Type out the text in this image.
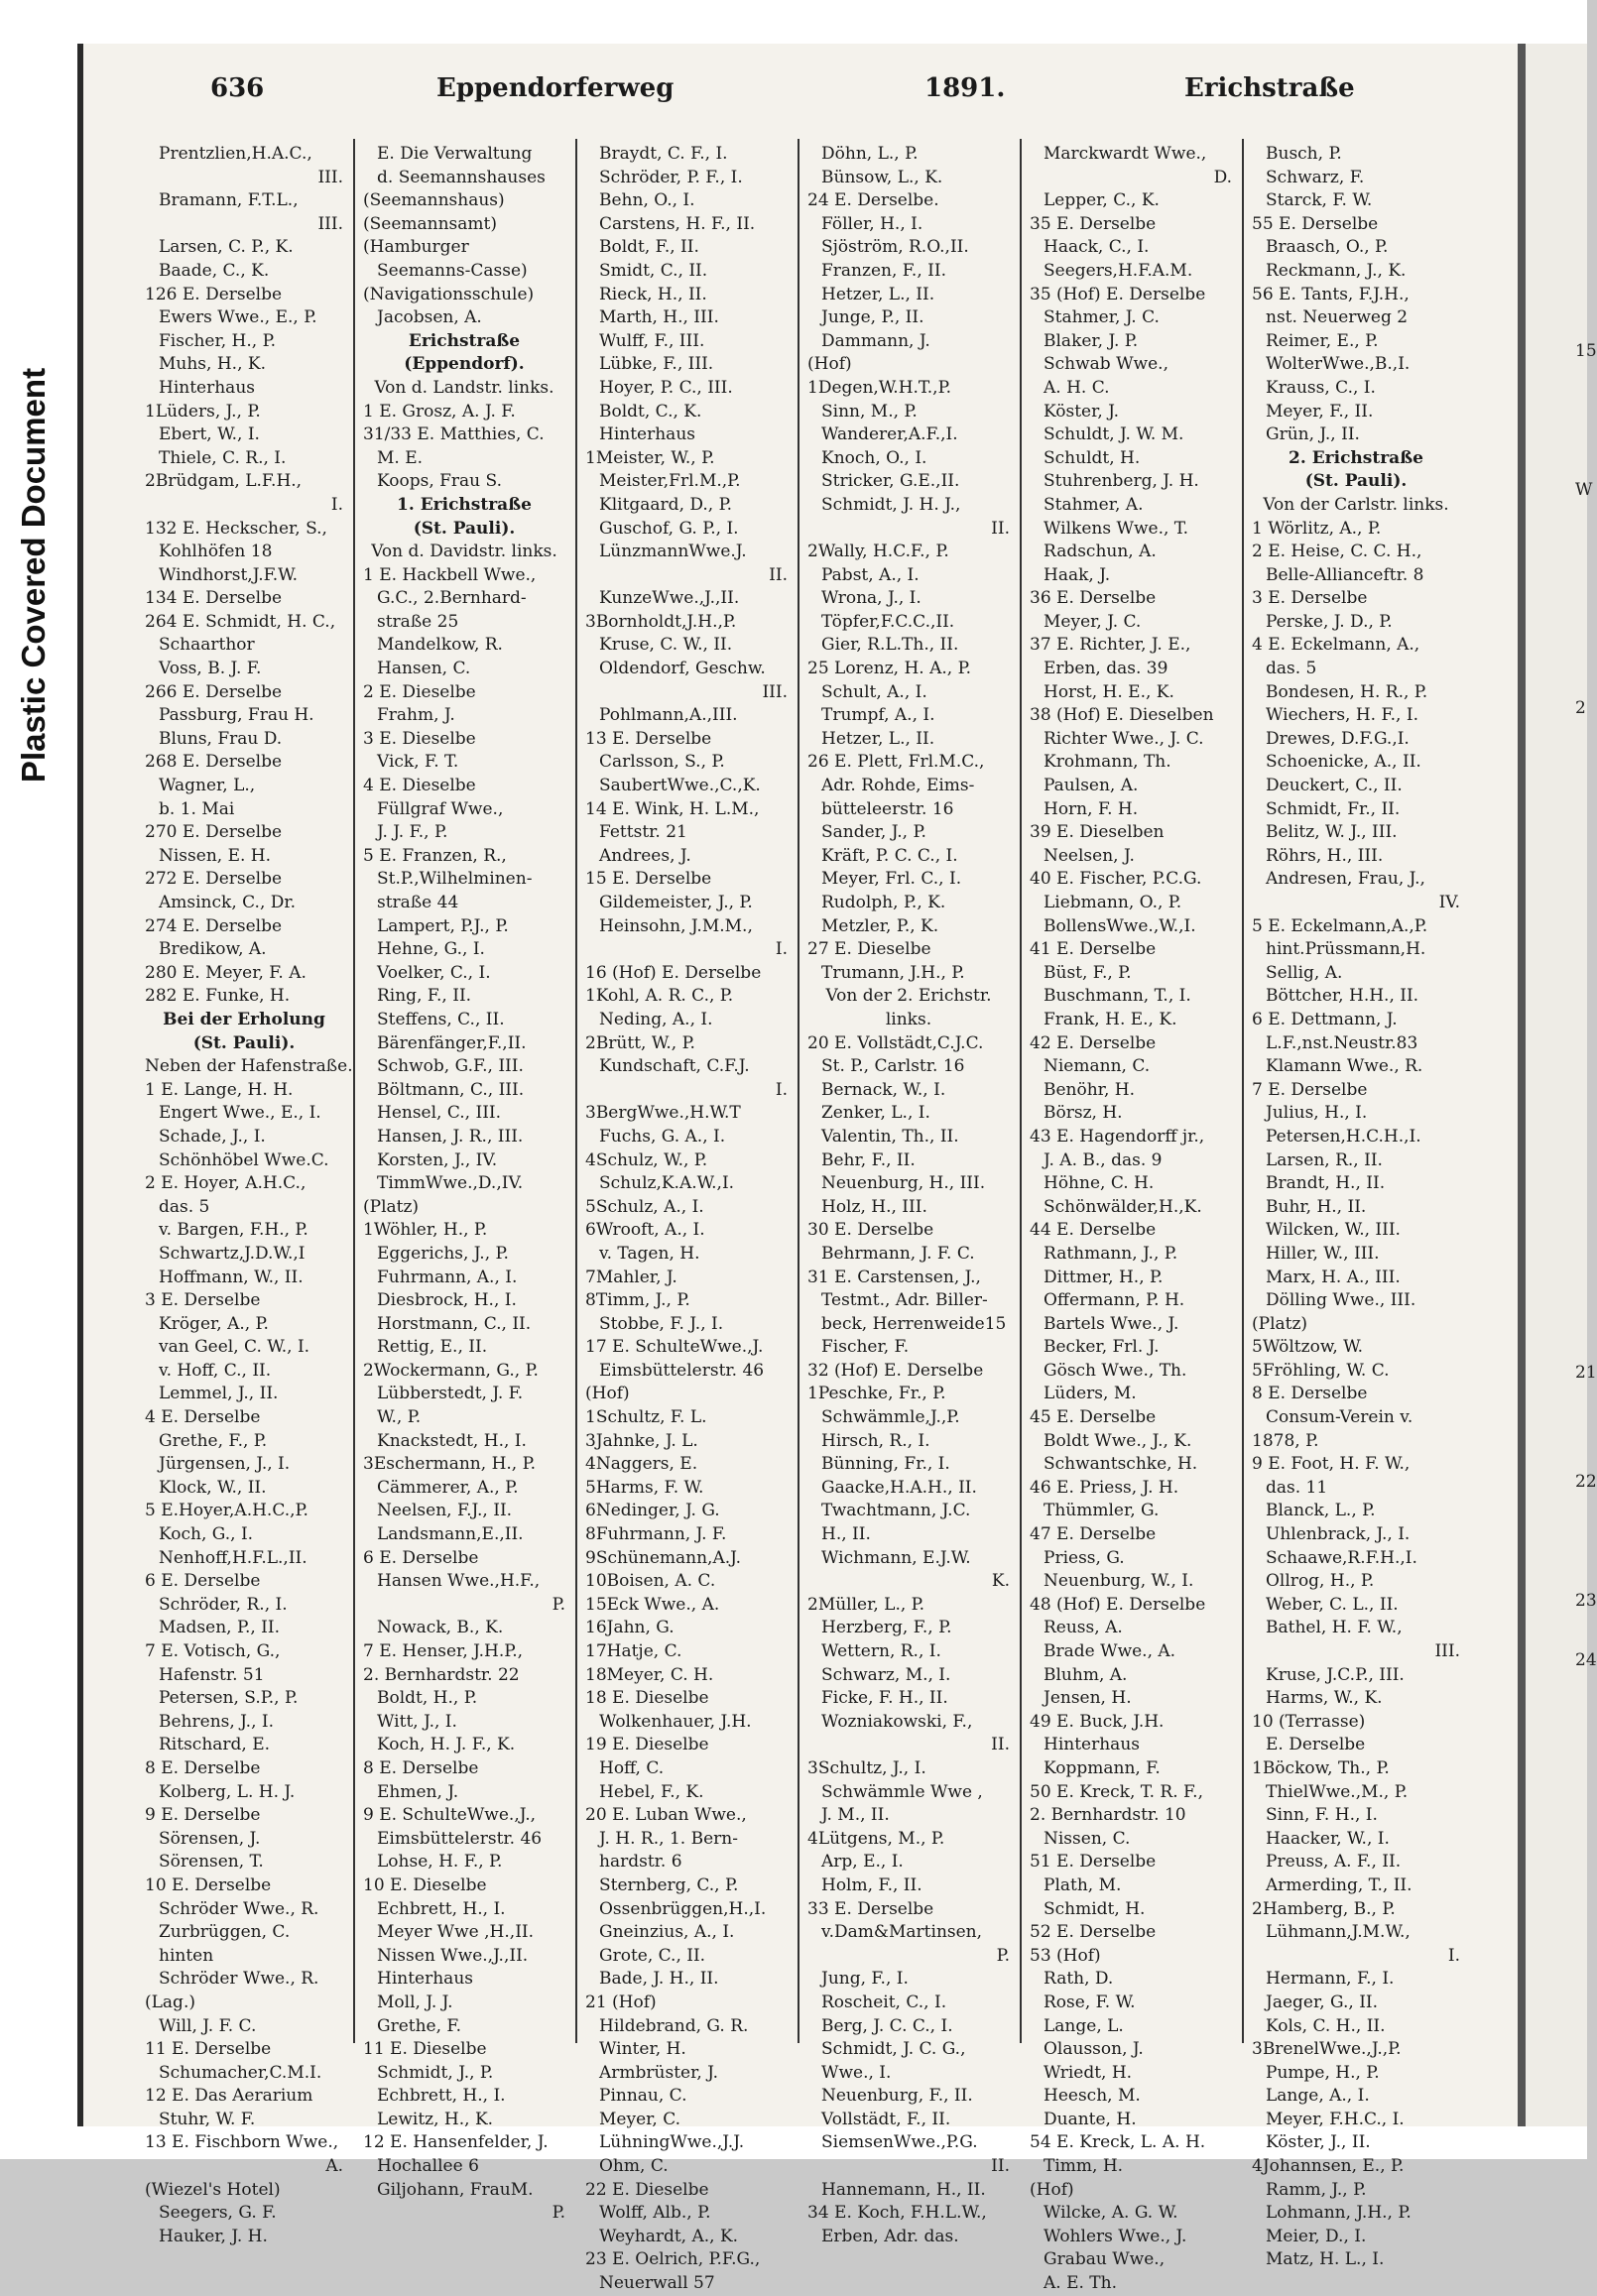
Plastic Covered Document
636	Eppendorferweg	1891.	Erichstraße
Prentzlien,H.A.C.,
III.
Bramann, F.T.L.,
III.
Larsen, C. P., K.
Baade, C., K.
126 E. Derselbe
Ewers Wwe., E., P.
Fischer, H., P.
Muhs, H., K.
Hinterhaus
1Lüders, J., P.
Ebert, W., I.
Thiele, C. R., I.
2Brüdgam, L.F.H.,
I.
132 E. Heckscher, S.,
Kohlhöfen 18
Windhorst,J.F.W.
134 E. Derselbe
264 E. Schmidt, H. C.,
Schaarthor
Voss, B. J. F.
266 E. Derselbe
Passburg, Frau H.
Bluns, Frau D.
268 E. Derselbe
Wagner, L.,
b. 1. Mai
270 E. Derselbe
Nissen, E. H.
272 E. Derselbe
Amsinck, C., Dr.
274 E. Derselbe
Bredikow, A.
280 E. Meyer, F. A.
282 E. Funke, H.
Bei der Erholung
(St. Pauli).
Neben der Hafenstraße.
1 E. Lange, H. H.
Engert Wwe., E., I.
Schade, J., I.
Schönhöbel Wwe.C.
2 E. Hoyer, A.H.C.,
das. 5
v. Bargen, F.H., P.
Schwartz,J.D.W.,I
Hoffmann, W., II.
3 E. Derselbe
Kröger, A., P.
van Geel, C. W., I.
v. Hoff, C., II.
Lemmel, J., II.
4 E. Derselbe
Grethe, F., P.
Jürgensen, J., I.
Klock, W., II.
5 E.Hoyer,A.H.C.,P.
Koch, G., I.
Nenhoff,H.F.L.,II.
6 E. Derselbe
Schröder, R., I.
Madsen, P., II.
7 E. Votisch, G.,
Hafenstr. 51
Petersen, S.P., P.
Behrens, J., I.
Ritschard, E.
8 E. Derselbe
Kolberg, L. H. J.
9 E. Derselbe
Sörensen, J.
Sörensen, T.
10 E. Derselbe
Schröder Wwe., R.
Zurbrüggen, C.
hinten
Schröder Wwe., R.
(Lag.)
Will, J. F. C.
11 E. Derselbe
Schumacher,C.M.I.
12 E. Das Aerarium
Stuhr, W. F.
13 E. Fischborn Wwe.,
A.
(Wiezel's Hotel)
Seegers, G. F.
Hauker, J. H.
E. Die Verwaltung
d. Seemannshauses
(Seemannshaus)
(Seemannsamt)
(Hamburger
Seemanns-Casse)
(Navigationsschule)
Jacobsen, A.
Erichstraße
(Eppendorf).
Von d. Landstr. links.
1 E. Grosz, A. J. F.
31/33 E. Matthies, C.
M. E.
Koops, Frau S.
1. Erichstraße
(St. Pauli).
Von d. Davidstr. links.
1 E. Hackbell Wwe.,
G.C., 2.Bernhard-
straße 25
Mandelkow, R.
Hansen, C.
2 E. Dieselbe
Frahm, J.
3 E. Dieselbe
Vick, F. T.
4 E. Dieselbe
Füllgraf Wwe.,
J. J. F., P.
5 E. Franzen, R.,
St.P.,Wilhelminen-
straße 44
Lampert, P.J., P.
Hehne, G., I.
Voelker, C., I.
Ring, F., II.
Steffens, C., II.
Bärenfänger,F.,II.
Schwob, G.F., III.
Böltmann, C., III.
Hensel, C., III.
Hansen, J. R., III.
Korsten, J., IV.
TimmWwe.,D.,IV.
(Platz)
1Wöhler, H., P.
Eggerichs, J., P.
Fuhrmann, A., I.
Diesbrock, H., I.
Horstmann, C., II.
Rettig, E., II.
2Wockermann, G., P.
Lübberstedt, J. F.
W., P.
Knackstedt, H., I.
3Eschermann, H., P.
Cämmerer, A., P.
Neelsen, F.J., II.
Landsmann,E.,II.
6 E. Derselbe
Hansen Wwe.,H.F.,
P.
Nowack, B., K.
7 E. Henser, J.H.P.,
2. Bernhardstr. 22
Boldt, H., P.
Witt, J., I.
Koch, H. J. F., K.
8 E. Derselbe
Ehmen, J.
9 E. SchulteWwe.,J.,
Eimsbüttelerstr. 46
Lohse, H. F., P.
10 E. Dieselbe
Echbrett, H., I.
Meyer Wwe ,H.,II.
Nissen Wwe.,J.,II.
Hinterhaus
Moll, J. J.
Grethe, F.
11 E. Dieselbe
Schmidt, J., P.
Echbrett, H., I.
Lewitz, H., K.
12 E. Hansenfelder, J.
Hochallee 6
Giljohann, FrauM.
P.
Braydt, C. F., I.
Schröder, P. F., I.
Behn, O., I.
Carstens, H. F., II.
Boldt, F., II.
Smidt, C., II.
Rieck, H., II.
Marth, H., III.
Wulff, F., III.
Lübke, F., III.
Hoyer, P. C., III.
Boldt, C., K.
Hinterhaus
1Meister, W., P.
Meister,Frl.M.,P.
Klitgaard, D., P.
Guschof, G. P., I.
LünzmannWwe.J.
II.
KunzeWwe.,J.,II.
3Bornholdt,J.H.,P.
Kruse, C. W., II.
Oldendorf, Geschw.
III.
Pohlmann,A.,III.
13 E. Derselbe
Carlsson, S., P.
SaubertWwe.,C.,K.
14 E. Wink, H. L.M.,
Fettstr. 21
Andrees, J.
15 E. Derselbe
Gildemeister, J., P.
Heinsohn, J.M.M.,
I.
16 (Hof) E. Derselbe
1Kohl, A. R. C., P.
Neding, A., I.
2Brütt, W., P.
Kundschaft, C.F.J.
I.
3BergWwe.,H.W.T
Fuchs, G. A., I.
4Schulz, W., P.
Schulz,K.A.W.,I.
5Schulz, A., I.
6Wrooft, A., I.
v. Tagen, H.
7Mahler, J.
8Timm, J., P.
Stobbe, F. J., I.
17 E. SchulteWwe.,J.
Eimsbüttelerstr. 46
(Hof)
1Schultz, F. L.
3Jahnke, J. L.
4Naggers, E.
5Harms, F. W.
6Nedinger, J. G.
8Fuhrmann, J. F.
9Schünemann,A.J.
10Boisen, A. C.
15Eck Wwe., A.
16Jahn, G.
17Hatje, C.
18Meyer, C. H.
18 E. Dieselbe
Wolkenhauer, J.H.
19 E. Dieselbe
Hoff, C.
Hebel, F., K.
20 E. Luban Wwe.,
J. H. R., 1. Bern-
hardstr. 6
Sternberg, C., P.
Ossenbrüggen,H.,I.
Gneinzius, A., I.
Grote, C., II.
Bade, J. H., II.
21 (Hof)
Hildebrand, G. R.
Winter, H.
Armbrüster, J.
Pinnau, C.
Meyer, C.
LühningWwe.,J.J.
Ohm, C.
22 E. Dieselbe
Wolff, Alb., P.
Weyhardt, A., K.
23 E. Oelrich, P.F.G.,
Neuerwall 57
Döhn, L., P.
Bünsow, L., K.
24 E. Derselbe.
Föller, H., I.
Sjöström, R.O.,II.
Franzen, F., II.
Hetzer, L., II.
Junge, P., II.
Dammann, J.
(Hof)
1Degen,W.H.T.,P.
Sinn, M., P.
Wanderer,A.F.,I.
Knoch, O., I.
Stricker, G.E.,II.
Schmidt, J. H. J.,
II.
2Wally, H.C.F., P.
Pabst, A., I.
Wrona, J., I.
Töpfer,F.C.C.,II.
Gier, R.L.Th., II.
25 Lorenz, H. A., P.
Schult, A., I.
Trumpf, A., I.
Hetzer, L., II.
26 E. Plett, Frl.M.C.,
Adr. Rohde, Eims-
bütteleerstr. 16
Sander, J., P.
Kräft, P. C. C., I.
Meyer, Frl. C., I.
Rudolph, P., K.
Metzler, P., K.
27 E. Dieselbe
Trumann, J.H., P.
Von der 2. Erichstr.
links.
20 E. Vollstädt,C.J.C.
St. P., Carlstr. 16
Bernack, W., I.
Zenker, L., I.
Valentin, Th., II.
Behr, F., II.
Neuenburg, H., III.
Holz, H., III.
30 E. Derselbe
Behrmann, J. F. C.
31 E. Carstensen, J.,
Testmt., Adr. Biller-
beck, Herrenweide15
Fischer, F.
32 (Hof) E. Derselbe
1Peschke, Fr., P.
Schwämmle,J.,P.
Hirsch, R., I.
Bünning, Fr., I.
Gaacke,H.A.H., II.
Twachtmann, J.C.
H., II.
Wichmann, E.J.W.
K.
2Müller, L., P.
Herzberg, F., P.
Wettern, R., I.
Schwarz, M., I.
Ficke, F. H., II.
Wozniakowski, F.,
II.
3Schultz, J., I.
Schwämmle Wwe ,
J. M., II.
4Lütgens, M., P.
Arp, E., I.
Holm, F., II.
33 E. Derselbe
v.Dam&Martinsen,
P.
Jung, F., I.
Roscheit, C., I.
Berg, J. C. C., I.
Schmidt, J. C. G.,
Wwe., I.
Neuenburg, F., II.
Vollstädt, F., II.
SiemsenWwe.,P.G.
II.
Hannemann, H., II.
34 E. Koch, F.H.L.W.,
Erben, Adr. das.
Marckwardt Wwe.,
D.
Lepper, C., K.
35 E. Derselbe
Haack, C., I.
Seegers,H.F.A.M.
35 (Hof) E. Derselbe
Stahmer, J. C.
Blaker, J. P.
Schwab Wwe.,
A. H. C.
Köster, J.
Schuldt, J. W. M.
Schuldt, H.
Stuhrenberg, J. H.
Stahmer, A.
Wilkens Wwe., T.
Radschun, A.
Haak, J.
36 E. Derselbe
Meyer, J. C.
37 E. Richter, J. E.,
Erben, das. 39
Horst, H. E., K.
38 (Hof) E. Dieselben
Richter Wwe., J. C.
Krohmann, Th.
Paulsen, A.
Horn, F. H.
39 E. Dieselben
Neelsen, J.
40 E. Fischer, P.C.G.
Liebmann, O., P.
BollensWwe.,W.,I.
41 E. Derselbe
Büst, F., P.
Buschmann, T., I.
Frank, H. E., K.
42 E. Derselbe
Niemann, C.
Benöhr, H.
Börsz, H.
43 E. Hagendorff jr.,
J. A. B., das. 9
Höhne, C. H.
Schönwälder,H.,K.
44 E. Derselbe
Rathmann, J., P.
Dittmer, H., P.
Offermann, P. H.
Bartels Wwe., J.
Becker, Frl. J.
Gösch Wwe., Th.
Lüders, M.
45 E. Derselbe
Boldt Wwe., J., K.
Schwantschke, H.
46 E. Priess, J. H.
Thümmler, G.
47 E. Derselbe
Priess, G.
Neuenburg, W., I.
48 (Hof) E. Derselbe
Reuss, A.
Brade Wwe., A.
Bluhm, A.
Jensen, H.
49 E. Buck, J.H.
Hinterhaus
Koppmann, F.
50 E. Kreck, T. R. F.,
2. Bernhardstr. 10
Nissen, C.
51 E. Derselbe
Plath, M.
Schmidt, H.
52 E. Derselbe
53 (Hof)
Rath, D.
Rose, F. W.
Lange, L.
Olausson, J.
Wriedt, H.
Heesch, M.
Duante, H.
54 E. Kreck, L. A. H.
Timm, H.
(Hof)
Wilcke, A. G. W.
Wohlers Wwe., J.
Grabau Wwe.,
A. E. Th.
Busch, P.
Schwarz, F.
Starck, F. W.
55 E. Derselbe
Braasch, O., P.
Reckmann, J., K.
56 E. Tants, F.J.H.,
nst. Neuerweg 2
Reimer, E., P.
WolterWwe.,B.,I.
Krauss, C., I.
Meyer, F., II.
Grün, J., II.
2. Erichstraße
(St. Pauli).
Von der Carlstr. links.
1 Wörlitz, A., P.
2 E. Heise, C. C. H.,
Belle-Allianceftr. 8
3 E. Derselbe
Perske, J. D., P.
4 E. Eckelmann, A.,
das. 5
Bondesen, H. R., P.
Wiechers, H. F., I.
Drewes, D.F.G.,I.
Schoenicke, A., II.
Deuckert, C., II.
Schmidt, Fr., II.
Belitz, W. J., III.
Röhrs, H., III.
Andresen, Frau, J.,
IV.
5 E. Eckelmann,A.,P.
hint.Prüssmann,H.
Sellig, A.
Böttcher, H.H., II.
6 E. Dettmann, J.
L.F.,nst.Neustr.83
Klamann Wwe., R.
7 E. Derselbe
Julius, H., I.
Petersen,H.C.H.,I.
Larsen, R., II.
Brandt, H., II.
Buhr, H., II.
Wilcken, W., III.
Hiller, W., III.
Marx, H. A., III.
Dölling Wwe., III.
(Platz)
5Wöltzow, W.
5Fröhling, W. C.
8 E. Derselbe
Consum-Verein v.
1878, P.
9 E. Foot, H. F. W.,
das. 11
Blanck, L., P.
Uhlenbrack, J., I.
Schaawe,R.F.H.,I.
Ollrog, H., P.
Weber, C. L., II.
Bathel, H. F. W.,
III.
Kruse, J.C.P., III.
Harms, W., K.
10 (Terrasse)
E. Derselbe
1Böckow, Th., P.
ThielWwe.,M., P.
Sinn, F. H., I.
Haacker, W., I.
Preuss, A. F., II.
Armerding, T., II.
2Hamberg, B., P.
Lühmann,J.M.W.,
I.
Hermann, F., I.
Jaeger, G., II.
Kols, C. H., II.
3BrenelWwe.,J.,P.
Pumpe, H., P.
Lange, A., I.
Meyer, F.H.C., I.
Köster, J., II.
4Johannsen, E., P.
Ramm, J., P.
Lohmann, J.H., P.
Meier, D., I.
Matz, H. L., I.
15
W
2
21
22
23
24
